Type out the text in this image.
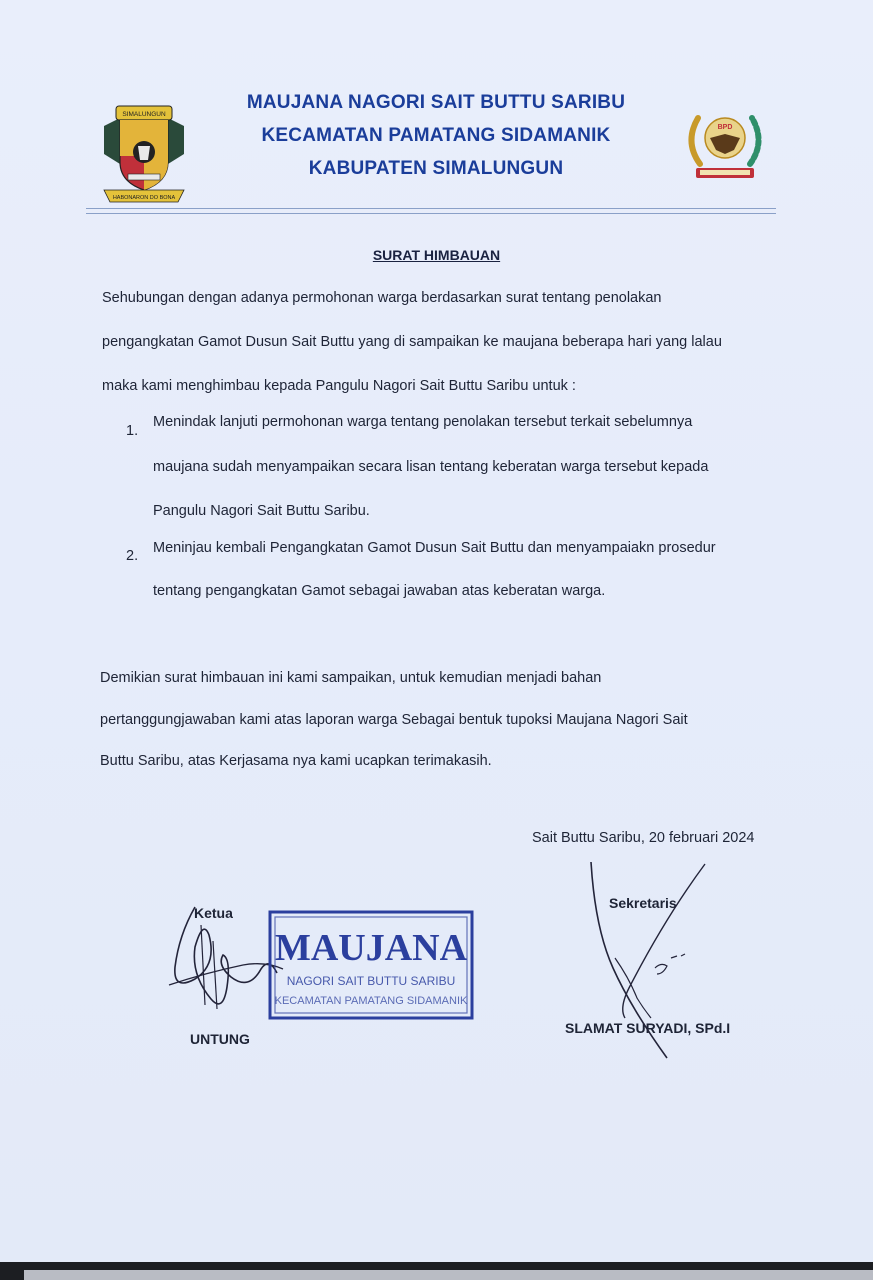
SIMALUNGUN
HABONARON DO BONA
BPD
MAUJANA NAGORI SAIT BUTTU SARIBU
KECAMATAN PAMATANG SIDAMANIK
KABUPATEN SIMALUNGUN
SURAT HIMBAUAN
Sehubungan dengan adanya permohonan warga berdasarkan surat tentang penolakan
pengangkatan Gamot Dusun Sait Buttu yang di sampaikan ke maujana beberapa hari yang lalau
maka kami menghimbau kepada Pangulu Nagori Sait Buttu Saribu untuk :
1.
Menindak lanjuti permohonan warga tentang penolakan tersebut terkait sebelumnya
maujana sudah menyampaikan secara lisan tentang keberatan warga tersebut kepada
Pangulu Nagori Sait Buttu Saribu.
2. Meninjau kembali Pengangkatan Gamot Dusun Sait Buttu dan menyampaiakn prosedur
tentang pengangkatan Gamot sebagai jawaban atas keberatan warga.
Demikian surat himbauan ini kami sampaikan, untuk kemudian menjadi bahan
pertanggungjawaban kami atas laporan warga Sebagai bentuk tupoksi Maujana Nagori Sait
Buttu Saribu, atas Kerjasama nya kami ucapkan terimakasih.
Sait Buttu Saribu, 20 februari 2024
Ketua
UNTUNG
MAUJANA
NAGORI SAIT BUTTU SARIBU
KECAMATAN PAMATANG SIDAMANIK
Sekretaris
SLAMAT SURYADI, SPd.I
